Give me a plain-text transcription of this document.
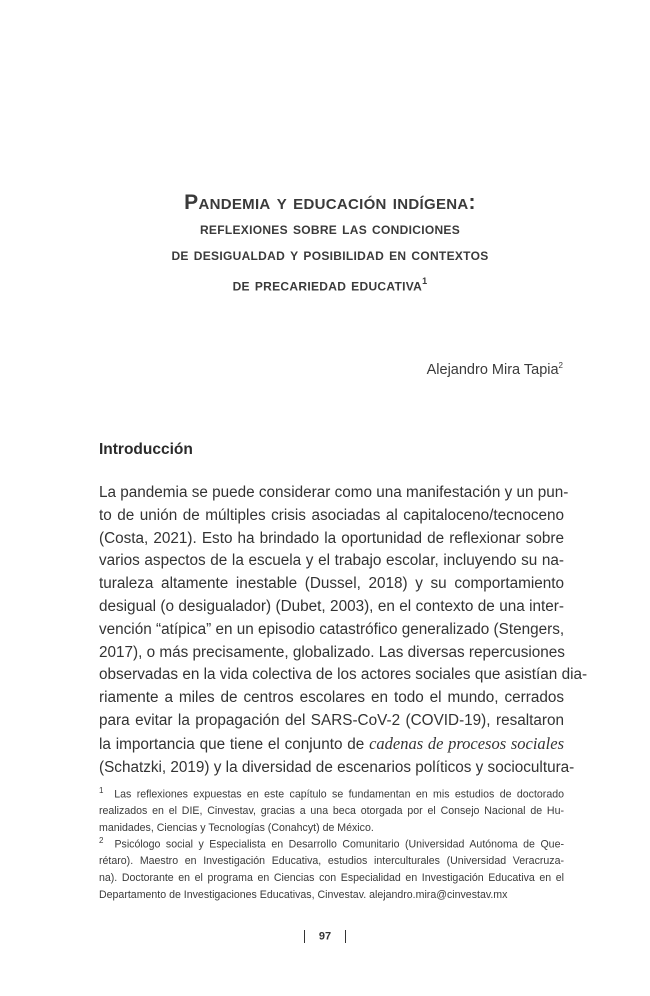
Pandemia y educación indígena:
reflexiones sobre las condiciones
de desigualdad y posibilidad en contextos
de precariedad educativa$^1$
Alejandro Mira Tapia$^2$
Introducción
La pandemia se puede considerar como una manifestación y un pun-
to de unión de múltiples crisis asociadas al capitaloceno/tecnoceno
(Costa, 2021). Esto ha brindado la oportunidad de reflexionar sobre
varios aspectos de la escuela y el trabajo escolar, incluyendo su na-
turaleza altamente inestable (Dussel, 2018) y su comportamiento
desigual (o desigualador) (Dubet, 2003), en el contexto de una inter-
vención “atípica” en un episodio catastrófico generalizado (Stengers,
2017), o más precisamente, globalizado. Las diversas repercusiones
observadas en la vida colectiva de los actores sociales que asistían dia-
riamente a miles de centros escolares en todo el mundo, cerrados
para evitar la propagación del SARS-CoV-2 (COVID-19), resaltaron
la importancia que tiene el conjunto de cadenas de procesos sociales
(Schatzki, 2019) y la diversidad de escenarios políticos y sociocultura-
$^1$ Las reflexiones expuestas en este capítulo se fundamentan en mis estudios de doctorado
realizados en el DIE, Cinvestav, gracias a una beca otorgada por el Consejo Nacional de Hu-
manidades, Ciencias y Tecnologías (Conahcyt) de México.
$^2$ Psicólogo social y Especialista en Desarrollo Comunitario (Universidad Autónoma de Que-
rétaro). Maestro en Investigación Educativa, estudios interculturales (Universidad Veracruza-
na). Doctorante en el programa en Ciencias con Especialidad en Investigación Educativa en el
Departamento de Investigaciones Educativas, Cinvestav. alejandro.mira@cinvestav.mx
97
